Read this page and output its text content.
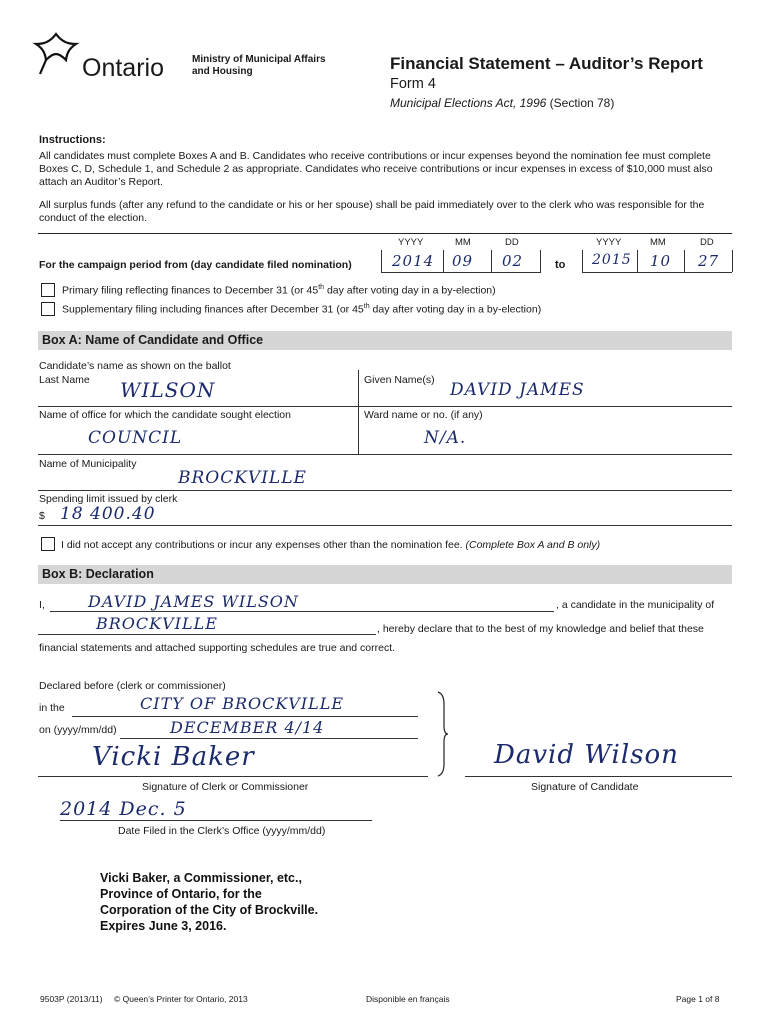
Ontario	Ministry of Municipal Affairs and Housing	Financial Statement – Auditor’s Report
Form 4
Municipal Elections Act, 1996 (Section 78)
Instructions:
All candidates must complete Boxes A and B. Candidates who receive contributions or incur expenses beyond the nomination fee must complete Boxes C, D, Schedule 1, and Schedule 2 as appropriate. Candidates who receive contributions or incur expenses in excess of $10,000 must also attach an Auditor’s Report.
All surplus funds (after any refund to the candidate or his or her spouse) shall be paid immediately over to the clerk who was responsible for the conduct of the election.
YYYY	MM	DD	YYYY	MM	DD
For the campaign period from (day candidate filed nomination)	2014 09 02	to 2015 10 27
Primary filing reflecting finances to December 31 (or 45th day after voting day in a by-election)
Supplementary filing including finances after December 31 (or 45th day after voting day in a by-election)
Box A: Name of Candidate and Office
Candidate’s name as shown on the ballot
Last Name WILSON	Given Name(s) DAVID JAMES
Name of office for which the candidate sought election	Ward name or no. (if any)
COUNCIL	N/A.
Name of Municipality
BROCKVILLE
Spending limit issued by clerk
$ 18 400.40
I did not accept any contributions or incur any expenses other than the nomination fee. (Complete Box A and B only)
Box B: Declaration
I,	DAVID JAMES WILSON	, a candidate in the municipality of
BROCKVILLE	, hereby declare that to the best of my knowledge and belief that these
financial statements and attached supporting schedules are true and correct.
Declared before (clerk or commissioner)
in the	CITY OF BROCKVILLE
on (yyyy/mm/dd)	DECEMBER 4/14
Vicki Baker
Signature of Clerk or Commissioner
David Wilson
Signature of Candidate
2014 Dec. 5
Date Filed in the Clerk’s Office (yyyy/mm/dd)
Vicki Baker, a Commissioner, etc.,
Province of Ontario, for the
Corporation of the City of Brockville.
Expires June 3, 2016.
9503P (2013/11) © Queen’s Printer for Ontario, 2013	Disponible en français	Page 1 of 8
